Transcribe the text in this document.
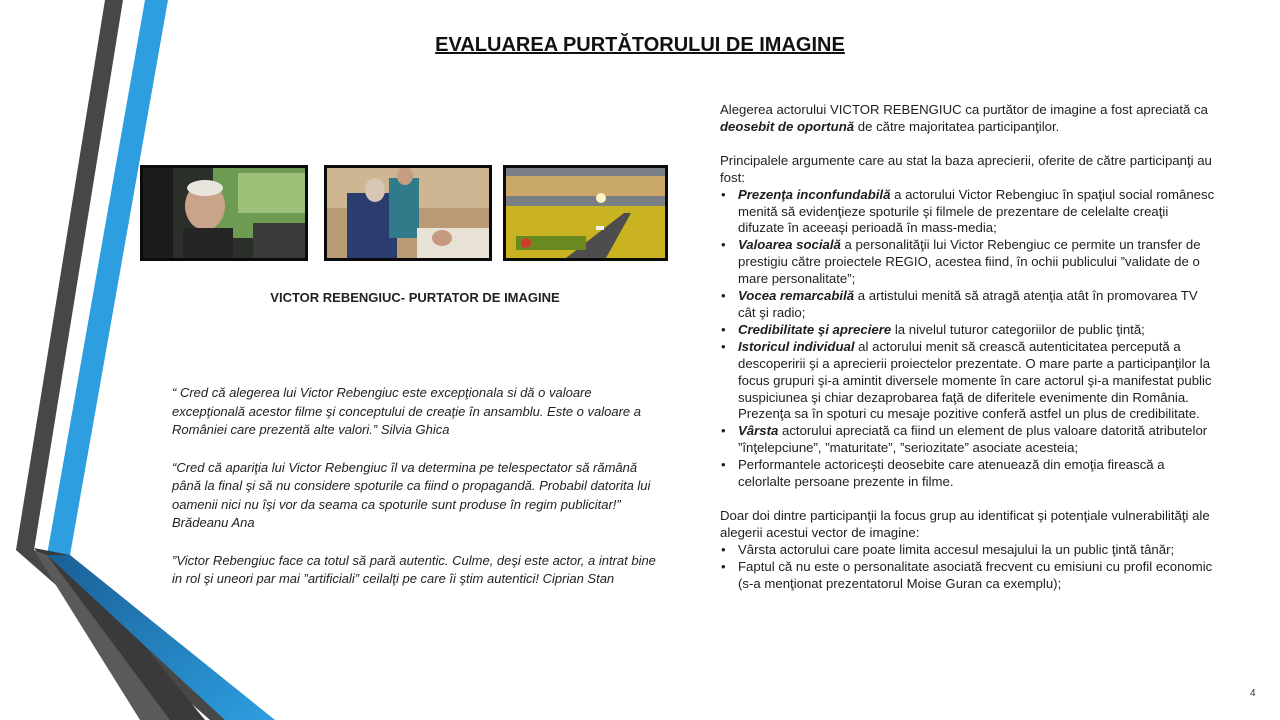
EVALUAREA PURTĂTORULUI DE IMAGINE
VICTOR REBENGIUC- PURTATOR DE IMAGINE

“ Cred că alegerea lui Victor Rebengiuc este excepţionala si dă o valoare excepţională acestor filme şi conceptului de creaţie în ansamblu. Este o valoare a României care prezentă alte valori.” Silvia Ghica

“Cred că apariţia lui Victor Rebengiuc îl va determina pe telespectator să rămână până la final şi să nu considere spoturile ca fiind o propagandă. Probabil datorita lui oamenii nici nu îşi vor da seama ca spoturile sunt produse în regim publicitar!” Brădeanu Ana

”Victor Rebengiuc face ca totul să pară autentic. Culme, deşi este actor, a intrat bine in rol şi uneori par mai ”artificiali” ceilalţi pe care îi ştim autentici! Ciprian Stan

Alegerea actorului VICTOR REBENGIUC ca purtător de imagine a fost apreciată ca deosebit de oportună de către majoritatea participanţilor.

Principalele argumente care au stat la baza aprecierii, oferite de către participanţi au fost:

• Prezenţa inconfundabilă a actorului Victor Rebengiuc în spaţiul social românesc menită să evidenţieze spoturile şi filmele de prezentare de celelalte creaţii difuzate în aceeaşi perioadă în mass-media;
• Valoarea socială a personalităţii lui Victor Rebengiuc ce permite un transfer de prestigiu către proiectele REGIO, acestea fiind, în ochii publicului ”validate de o mare personalitate”;
• Vocea remarcabilă a artistului menită să atragă atenţia atât în promovarea TV cât şi radio;
• Credibilitate şi apreciere la nivelul tuturor categoriilor de public ţintă;
• Istoricul individual al actorului menit să crească autenticitatea percepută a descoperirii şi a aprecierii proiectelor prezentate. O mare parte a participanţilor la focus grupuri şi-a amintit diversele momente în care actorul şi-a manifestat public suspiciunea şi chiar dezaprobarea faţă de diferitele evenimente din România. Prezenţa sa în spoturi cu mesaje pozitive conferă astfel un plus de credibilitate.
• Vârsta actorului apreciată ca fiind un element de plus valoare datorită atributelor ”înţelepciune”, ”maturitate”, ”seriozitate” asociate acesteia;
• Performantele actoriceşti deosebite care atenuează din emoţia firească a celorlalte persoane prezente in filme.

Doar doi dintre participanţii la focus grup au identificat şi potenţiale vulnerabilităţi ale alegerii acestui vector de imagine:

• Vârsta actorului care poate limita accesul mesajului la un public ţintă tânăr;
• Faptul că nu este o personalitate asociată frecvent cu emisiuni cu profil economic (s-a menţionat prezentatorul Moise Guran ca exemplu);
4
